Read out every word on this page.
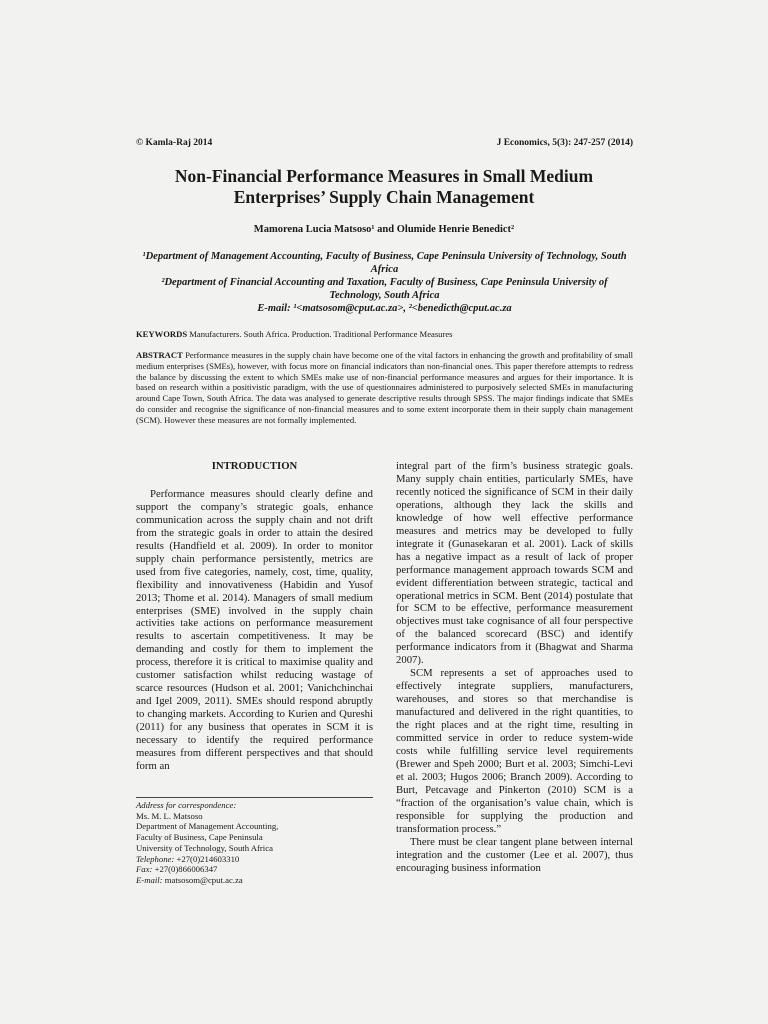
© Kamla-Raj 2014	J Economics, 5(3): 247-257 (2014)
Non-Financial Performance Measures in Small Medium
Enterprises’ Supply Chain Management
Mamorena Lucia Matsoso¹ and Olumide Henrie Benedict²

¹Department of Management Accounting, Faculty of Business, Cape Peninsula University of Technology, South Africa

²Department of Financial Accounting and Taxation, Faculty of Business, Cape Peninsula University of Technology, South Africa

E-mail: ¹<matsosom@cput.ac.za>, ²<benedicth@cput.ac.za

KEYWORDS Manufacturers. South Africa. Production. Traditional Performance Measures
ABSTRACT Performance measures in the supply chain have become one of the vital factors in enhancing the growth and profitability of small medium enterprises (SMEs), however, with focus more on financial indicators than non-financial ones. This paper therefore attempts to redress the balance by discussing the extent to which SMEs make use of non-financial performance measures and argues for their importance. It is based on research within a positivistic paradigm, with the use of questionnaires administered to purposively selected SMEs in manufacturing around Cape Town, South Africa. The data was analysed to generate descriptive results through SPSS. The major findings indicate that SMEs do consider and recognise the significance of non-financial measures and to some extent incorporate them in their supply chain management (SCM). However these measures are not formally implemented.
INTRODUCTION

Performance measures should clearly define and support the company’s strategic goals, enhance communication across the supply chain and not drift from the strategic goals in order to attain the desired results (Handfield et al. 2009). In order to monitor supply chain performance persistently, metrics are used from five categories, namely, cost, time, quality, flexibility and innovativeness (Habidin and Yusof 2013; Thome et al. 2014). Managers of small medium enterprises (SME) involved in the supply chain activities take actions on performance measurement results to ascertain competitiveness. It may be demanding and costly for them to implement the process, therefore it is critical to maximise quality and customer satisfaction whilst reducing wastage of scarce resources (Hudson et al. 2001; Vanichchinchai and Igel 2009, 2011). SMEs should respond abruptly to changing markets. According to Kurien and Qureshi (2011) for any business that operates in SCM it is necessary to identify the required performance measures from different perspectives and that should form an

integral part of the firm’s business strategic goals. Many supply chain entities, particularly SMEs, have recently noticed the significance of SCM in their daily operations, although they lack the skills and knowledge of how well effective performance measures and metrics may be developed to fully integrate it (Gunasekaran et al. 2001). Lack of skills has a negative impact as a result of lack of proper performance management approach towards SCM and evident differentiation between strategic, tactical and operational metrics in SCM. Bent (2014) postulate that for SCM to be effective, performance measurement objectives must take cognisance of all four perspective of the balanced scorecard (BSC) and identify performance indicators from it (Bhagwat and Sharma 2007).

SCM represents a set of approaches used to effectively integrate suppliers, manufacturers, warehouses, and stores so that merchandise is manufactured and delivered in the right quantities, to the right places and at the right time, resulting in committed service in order to reduce system-wide costs while fulfilling service level requirements (Brewer and Speh 2000; Burt et al. 2003; Simchi-Levi et al. 2003; Hugos 2006; Branch 2009). According to Burt, Petcavage and Pinkerton (2010) SCM is a “fraction of the organisation’s value chain, which is responsible for supplying the production and transformation process.”

There must be clear tangent plane between internal integration and the customer (Lee et al. 2007), thus encouraging business information

Address for correspondence:
Ms. M. L. Matsoso
Department of Management Accounting,
Faculty of Business, Cape Peninsula
University of Technology, South Africa
Telephone: +27(0)214603310
Fax: +27(0)866006347
E-mail: matsosom@cput.ac.za
